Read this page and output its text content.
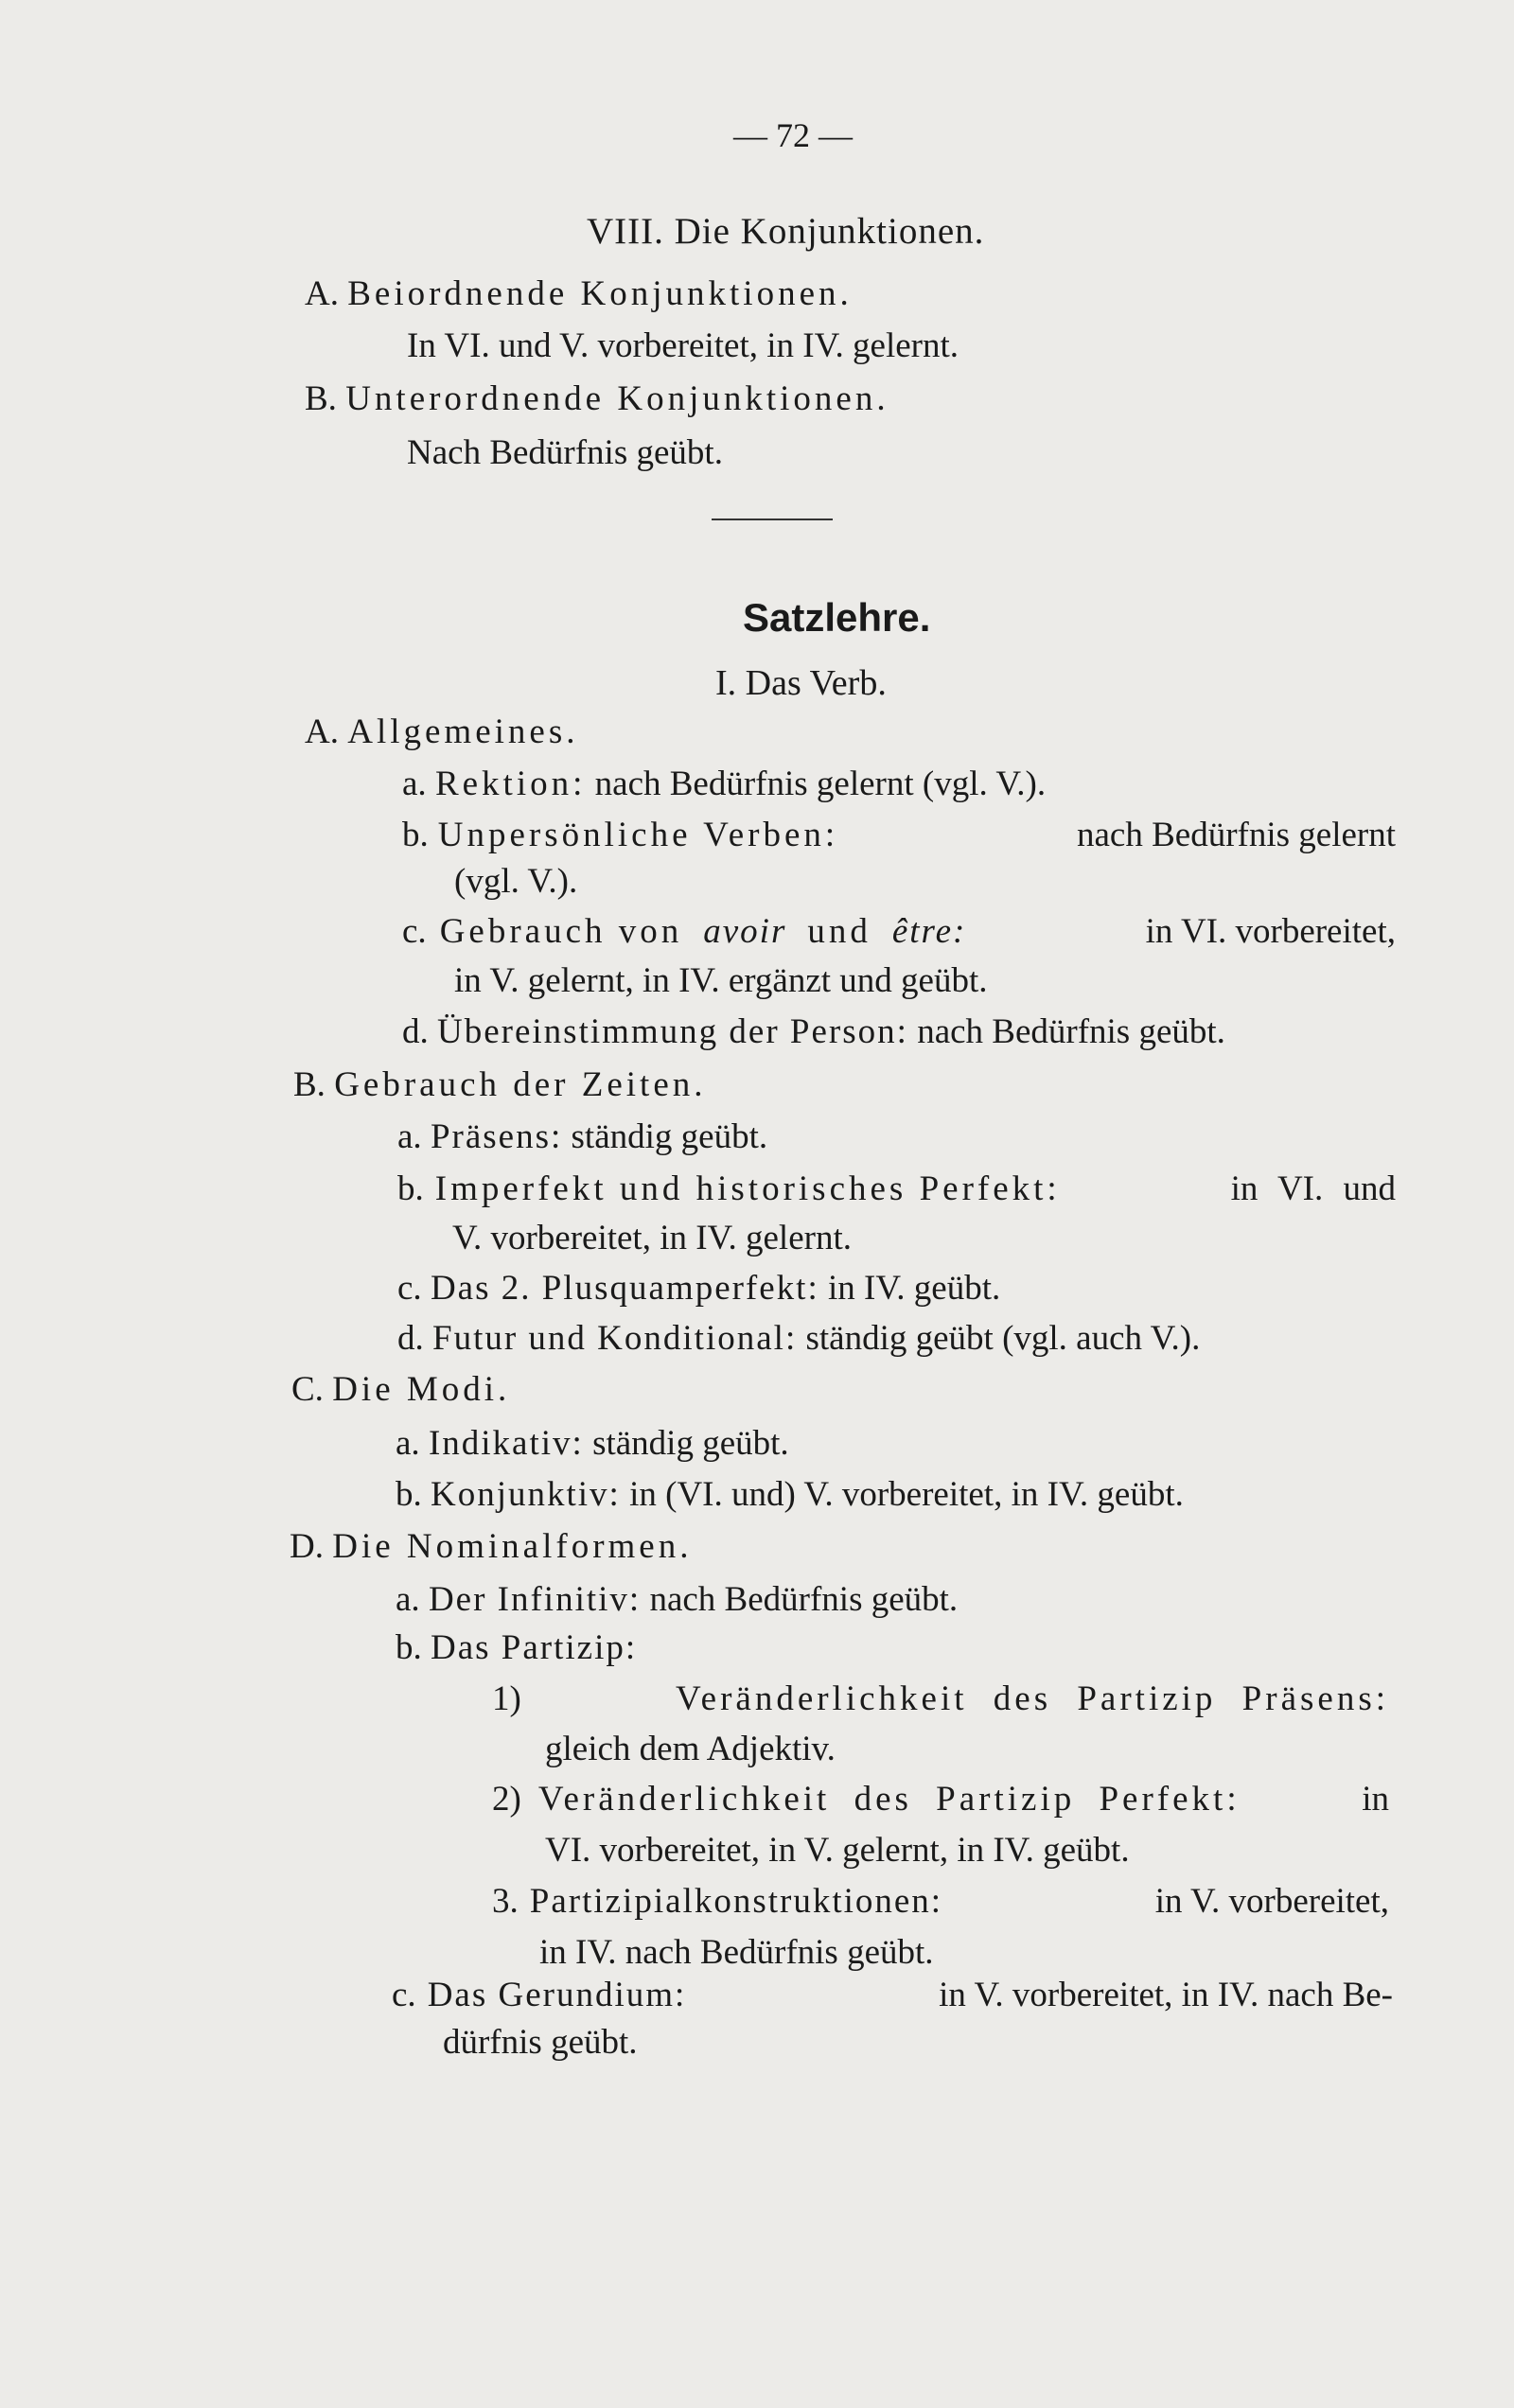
— 72 —
VIII. Die Konjunktionen.
A. Beiordnende Konjunktionen.
In VI. und V. vorbereitet, in IV. gelernt.
B. Unterordnende Konjunktionen.
Nach Bedürfnis geübt.
Satzlehre.
I. Das Verb.
A. Allgemeines.
a. Rektion: nach Bedürfnis gelernt (vgl. V.).
b. Unpersönliche Verben:	nach Bedürfnis gelernt
(vgl. V.).
c. Gebrauch von avoir und être:	in VI. vorbereitet,
in V. gelernt, in IV. ergänzt und geübt.
d. Übereinstimmung der Person: nach Bedürfnis geübt.
B. Gebrauch der Zeiten.
a. Präsens: ständig geübt.
b. Imperfekt und historisches Perfekt:	in VI. und
V. vorbereitet, in IV. gelernt.
c. Das 2. Plusquamperfekt: in IV. geübt.
d. Futur und Konditional: ständig geübt (vgl. auch V.).
C. Die Modi.
a. Indikativ: ständig geübt.
b. Konjunktiv: in (VI. und) V. vorbereitet, in IV. geübt.
D. Die Nominalformen.
a. Der Infinitiv: nach Bedürfnis geübt.
b. Das Partizip:
1)	Veränderlichkeit des Partizip Präsens:
gleich dem Adjektiv.
2) Veränderlichkeit des Partizip Perfekt:	in
VI. vorbereitet, in V. gelernt, in IV. geübt.
3. Partizipialkonstruktionen:	in V. vorbereitet,
in IV. nach Bedürfnis geübt.
c. Das Gerundium:	in V. vorbereitet, in IV. nach Be-
dürfnis geübt.
